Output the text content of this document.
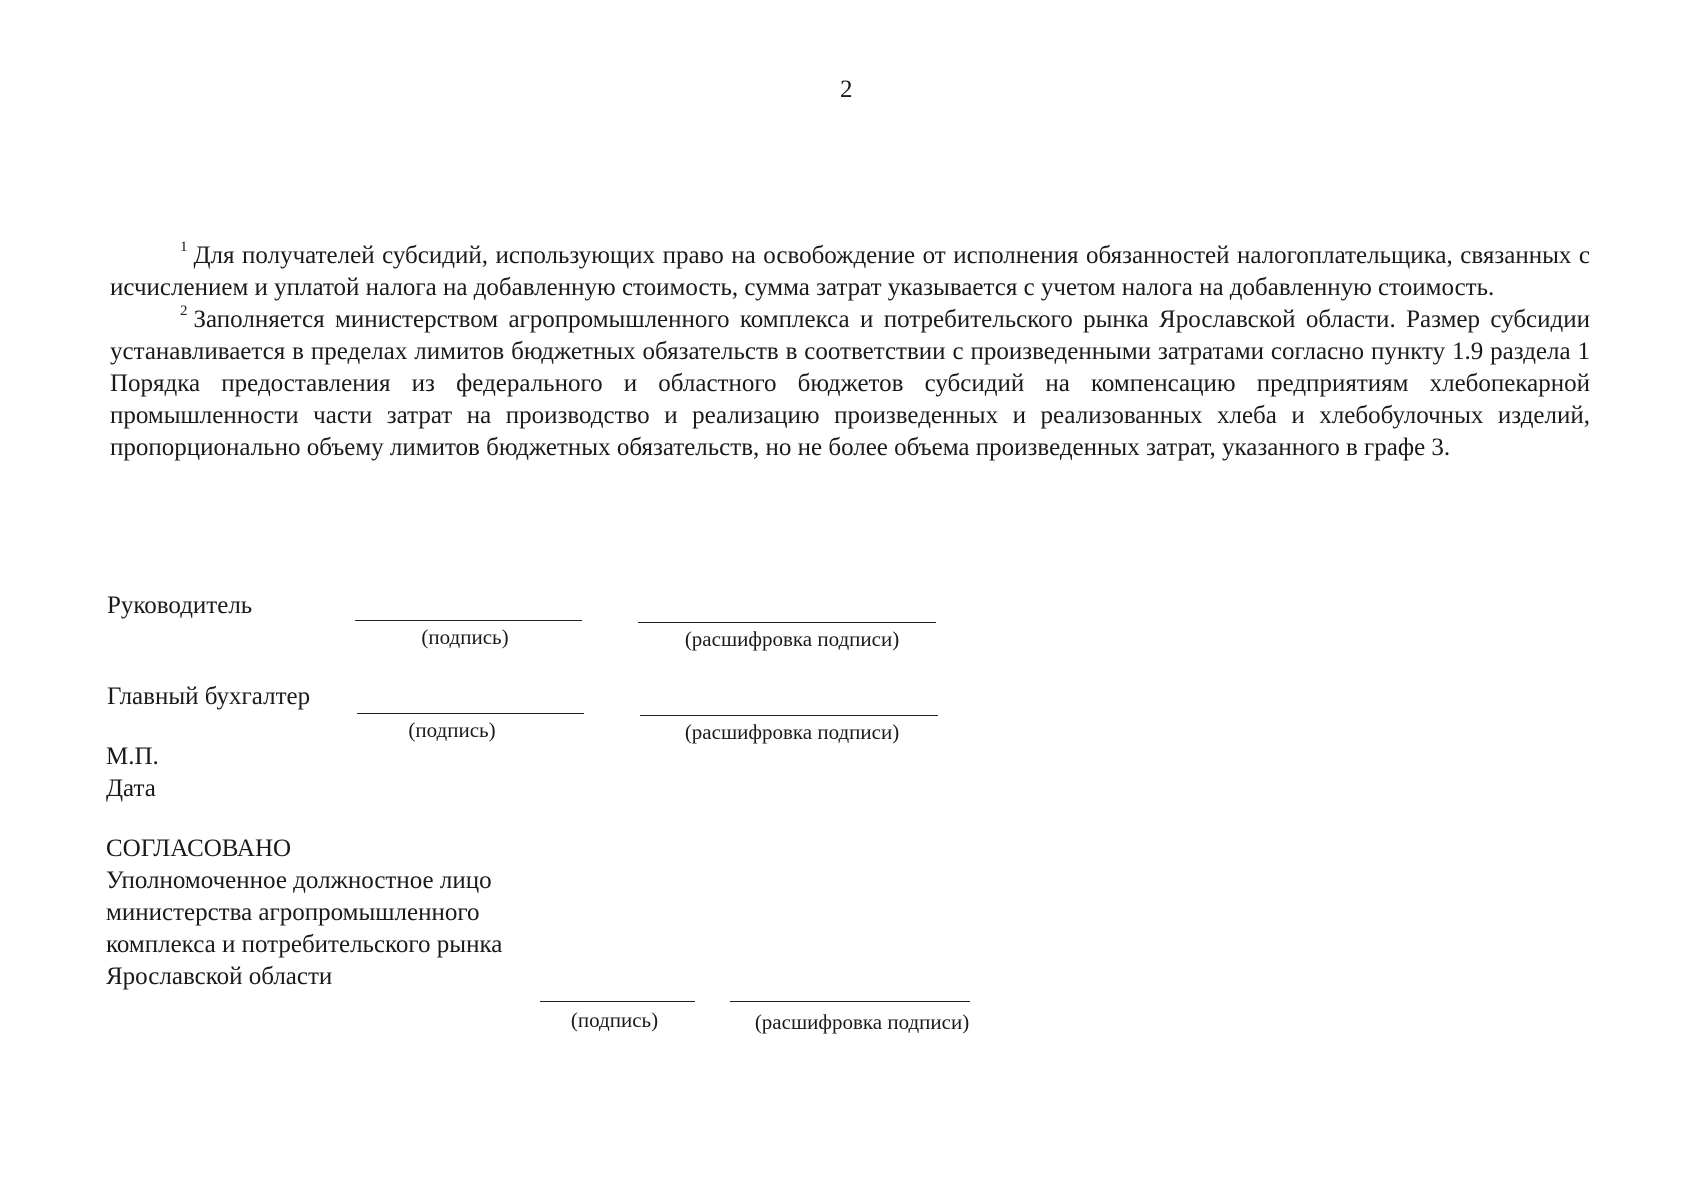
2

$^1$ Для получателей субсидий, использующих право на освобождение от исполнения обязанностей налогоплательщика, связанных с исчислением и уплатой налога на добавленную стоимость, сумма затрат указывается с учетом налога на добавленную стоимость.

$^2$ Заполняется министерством агропромышленного комплекса и потребительского рынка Ярославской области. Размер субсидии устанавливается в пределах лимитов бюджетных обязательств в соответствии с произведенными затратами согласно пункту 1.9 раздела 1 Порядка предоставления из федерального и областного бюджетов субсидий на компенсацию предприятиям хлебопекарной промышленности части затрат на производство и реализацию произведенных и реализованных хлеба и хлебобулочных изделий, пропорционально объему лимитов бюджетных обязательств, но не более объема произведенных затрат, указанного в графе 3.

Руководитель
(подпись)	(расшифровка подписи)
Главный бухгалтер
(подпись)	(расшифровка подписи)
М.П.
Дата
СОГЛАСОВАНО
Уполномоченное должностное лицо
министерства агропромышленного
комплекса и потребительского рынка
Ярославской области
(подпись)	(расшифровка подписи)
